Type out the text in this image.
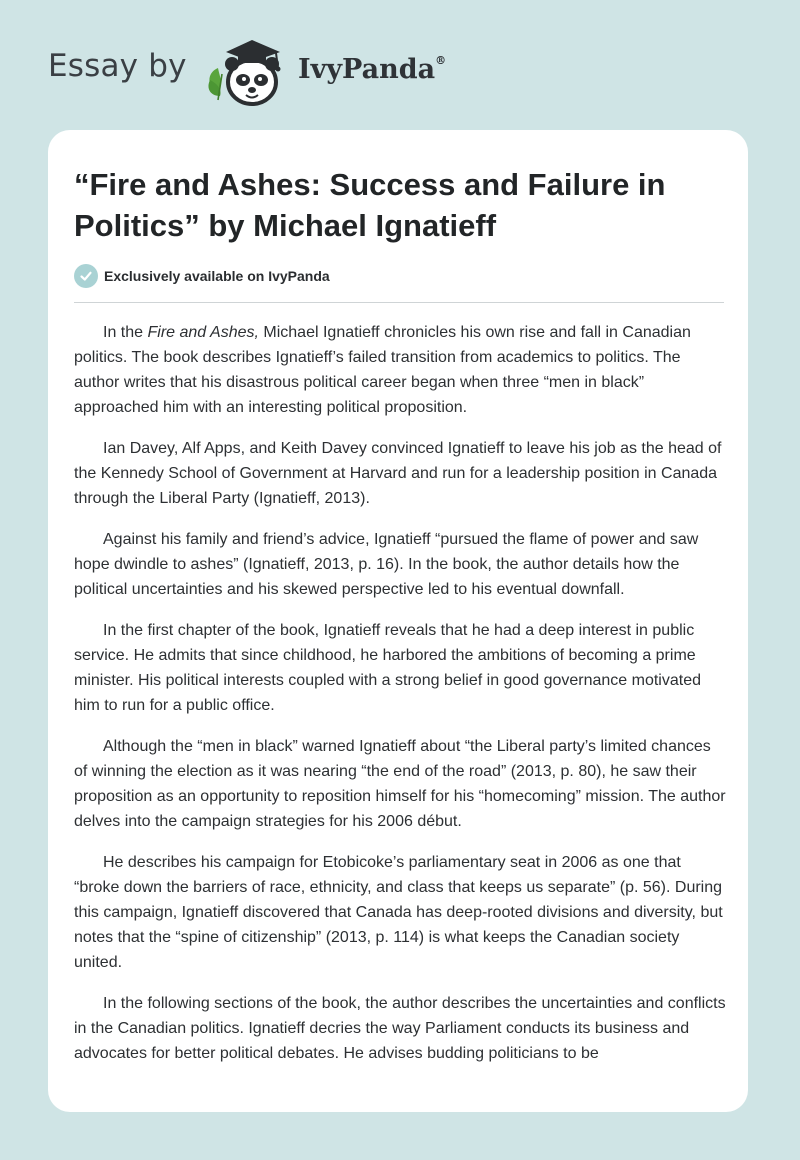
Essay by	IvyPanda®
“Fire and Ashes: Success and Failure in Politics” by Michael Ignatieff
Exclusively available on IvyPanda

In the Fire and Ashes, Michael Ignatieff chronicles his own rise and fall in Canadian politics. The book describes Ignatieff’s failed transition from academics to politics. The author writes that his disastrous political career began when three “men in black” approached him with an interesting political proposition.

Ian Davey, Alf Apps, and Keith Davey convinced Ignatieff to leave his job as the head of the Kennedy School of Government at Harvard and run for a leadership position in Canada through the Liberal Party (Ignatieff, 2013).

Against his family and friend’s advice, Ignatieff “pursued the flame of power and saw hope dwindle to ashes” (Ignatieff, 2013, p. 16). In the book, the author details how the political uncertainties and his skewed perspective led to his eventual downfall.

In the first chapter of the book, Ignatieff reveals that he had a deep interest in public service. He admits that since childhood, he harbored the ambitions of becoming a prime minister. His political interests coupled with a strong belief in good governance motivated him to run for a public office.

Although the “men in black” warned Ignatieff about “the Liberal party’s limited chances of winning the election as it was nearing “the end of the road” (2013, p. 80), he saw their proposition as an opportunity to reposition himself for his “homecoming” mission. The author delves into the campaign strategies for his 2006 début.

He describes his campaign for Etobicoke’s parliamentary seat in 2006 as one that “broke down the barriers of race, ethnicity, and class that keeps us separate” (p. 56). During this campaign, Ignatieff discovered that Canada has deep-rooted divisions and diversity, but notes that the “spine of citizenship” (2013, p. 114) is what keeps the Canadian society united.

In the following sections of the book, the author describes the uncertainties and conflicts in the Canadian politics. Ignatieff decries the way Parliament conducts its business and advocates for better political debates. He advises budding politicians to be
